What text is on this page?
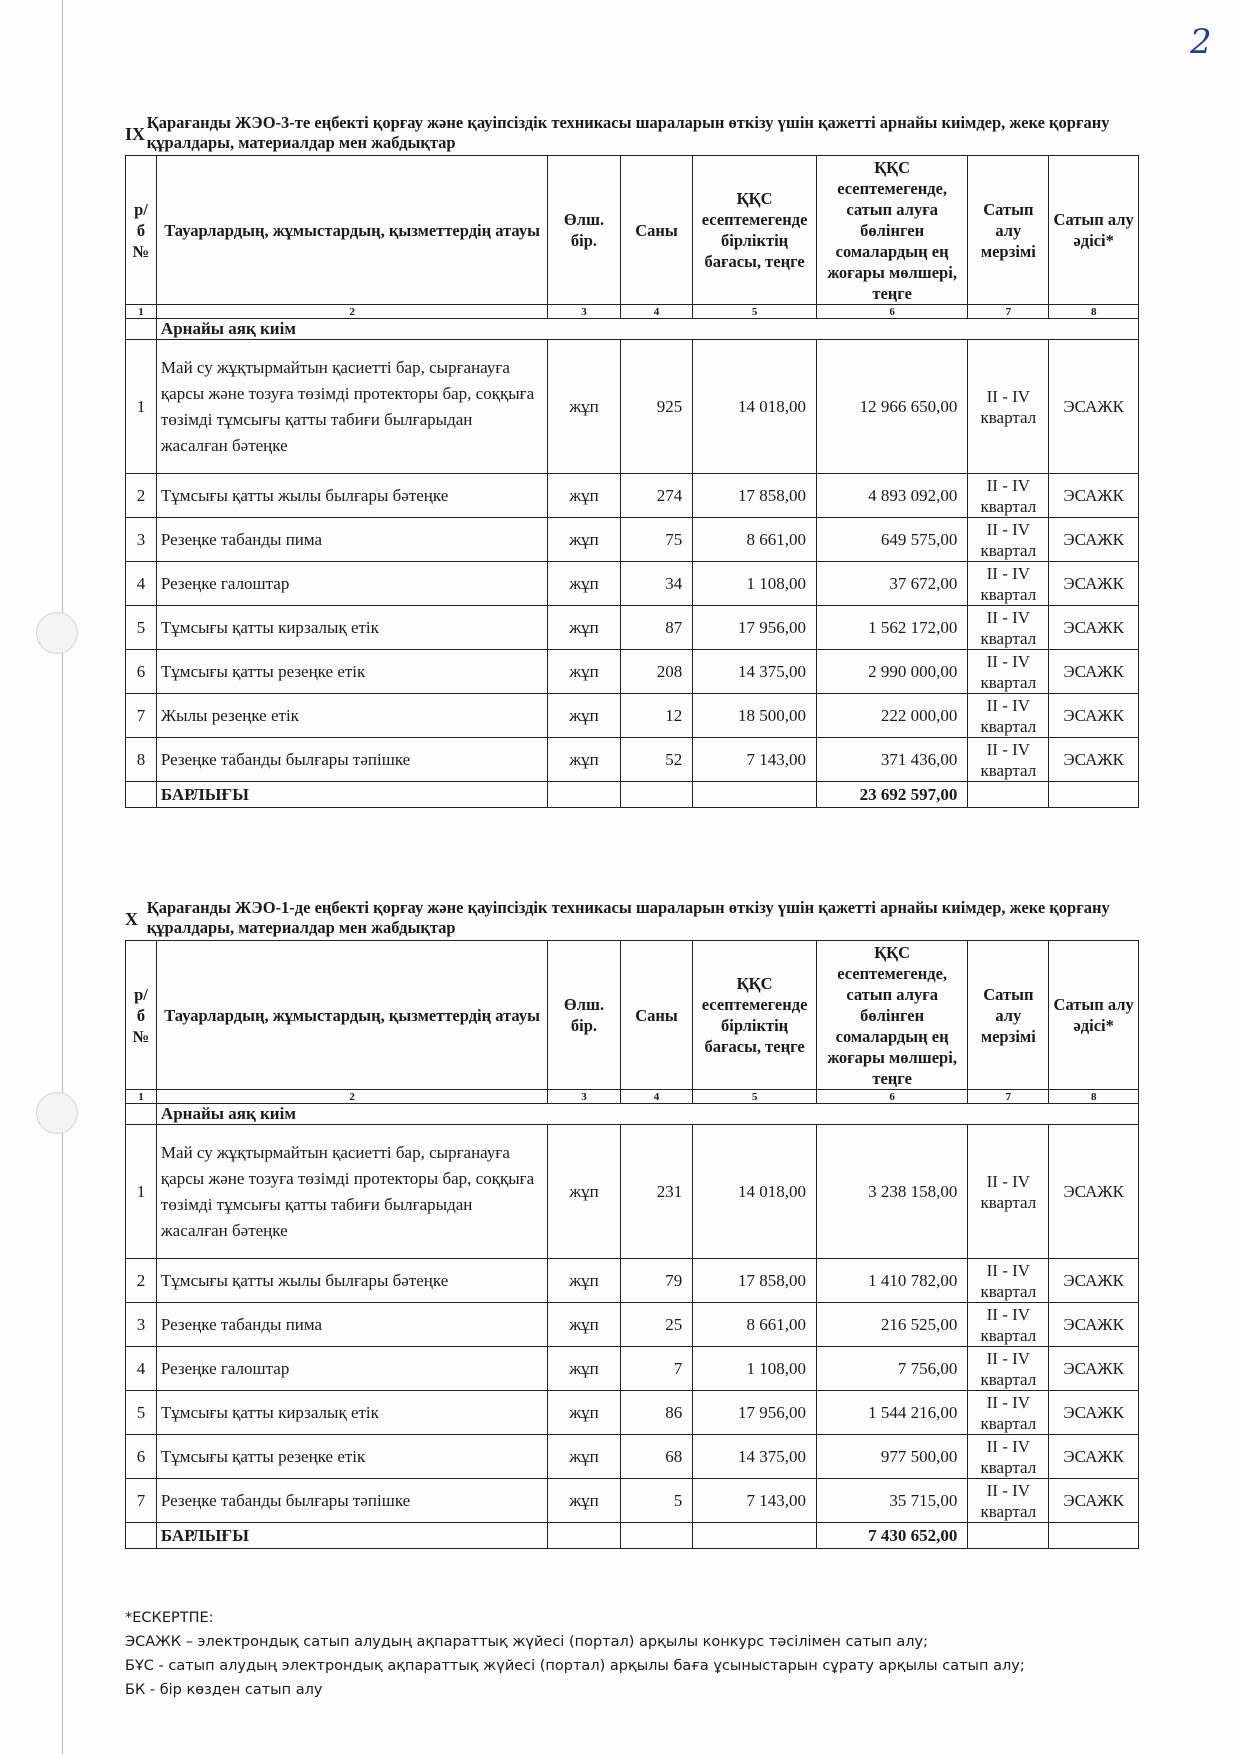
2
IX
Қарағанды ЖЭО-3-те еңбекті қорғау және қауіпсіздік техникасы шараларын өткізу үшін қажетті арнайы киімдер, жеке қорғану құралдары, материалдар мен жабдықтар
р/б №	Тауарлардың, жұмыстардың, қызметтердің атауы	Өлш. бір.	Саны	ҚҚС есептемегенде бірліктің бағасы, теңге	ҚҚС есептемегенде, сатып алуға бөлінген сомалардың ең жоғары мөлшері, теңге	Сатып алу мерзімі	Сатып алу әдісі*
1	2	3	4	5	6	7	8
	Арнайы аяқ киім						
1	Май су жұқтырмайтын қасиетті бар, сырғанауға қарсы және тозуға төзімді протекторы бар, соққыға төзімді тұмсығы қатты табиғи былғарыдан жасалған бәтеңке	жұп	925	14 018,00	12 966 650,00	II - IV квартал	ЭСАЖК
2	Тұмсығы қатты жылы былғары бәтеңке	жұп	274	17 858,00	4 893 092,00	II - IV квартал	ЭСАЖК
3	Резеңке табанды пима	жұп	75	8 661,00	649 575,00	II - IV квартал	ЭСАЖК
4	Резеңке галоштар	жұп	34	1 108,00	37 672,00	II - IV квартал	ЭСАЖК
5	Тұмсығы қатты кирзалық етік	жұп	87	17 956,00	1 562 172,00	II - IV квартал	ЭСАЖК
6	Тұмсығы қатты резеңке етік	жұп	208	14 375,00	2 990 000,00	II - IV квартал	ЭСАЖК
7	Жылы резеңке етік	жұп	12	18 500,00	222 000,00	II - IV квартал	ЭСАЖК
8	Резеңке табанды былғары тәпішке	жұп	52	7 143,00	371 436,00	II - IV квартал	ЭСАЖК
	БАРЛЫҒЫ				23 692 597,00		
X
Қарағанды ЖЭО-1-де еңбекті қорғау және қауіпсіздік техникасы шараларын өткізу үшін қажетті арнайы киімдер, жеке қорғану құралдары, материалдар мен жабдықтар
р/б №	Тауарлардың, жұмыстардың, қызметтердің атауы	Өлш. бір.	Саны	ҚҚС есептемегенде бірліктің бағасы, теңге	ҚҚС есептемегенде, сатып алуға бөлінген сомалардың ең жоғары мөлшері, теңге	Сатып алу мерзімі	Сатып алу әдісі*
1	2	3	4	5	6	7	8
	Арнайы аяқ киім						
1	Май су жұқтырмайтын қасиетті бар, сырғанауға қарсы және тозуға төзімді протекторы бар, соққыға төзімді тұмсығы қатты табиғи былғарыдан жасалған бәтеңке	жұп	231	14 018,00	3 238 158,00	II - IV квартал	ЭСАЖК
2	Тұмсығы қатты жылы былғары бәтеңке	жұп	79	17 858,00	1 410 782,00	II - IV квартал	ЭСАЖК
3	Резеңке табанды пима	жұп	25	8 661,00	216 525,00	II - IV квартал	ЭСАЖК
4	Резеңке галоштар	жұп	7	1 108,00	7 756,00	II - IV квартал	ЭСАЖК
5	Тұмсығы қатты кирзалық етік	жұп	86	17 956,00	1 544 216,00	II - IV квартал	ЭСАЖК
6	Тұмсығы қатты резеңке етік	жұп	68	14 375,00	977 500,00	II - IV квартал	ЭСАЖК
7	Резеңке табанды былғары тәпішке	жұп	5	7 143,00	35 715,00	II - IV квартал	ЭСАЖК
	БАРЛЫҒЫ				7 430 652,00		
*ЕСКЕРТПЕ:
ЭСАЖК – электрондық сатып алудың ақпараттық жүйесі (портал) арқылы конкурс тәсілімен сатып алу;
БҰС - сатып алудың электрондық ақпараттық жүйесі (портал) арқылы баға ұсыныстарын сұрату арқылы сатып алу;
БК - бір көзден сатып алу
